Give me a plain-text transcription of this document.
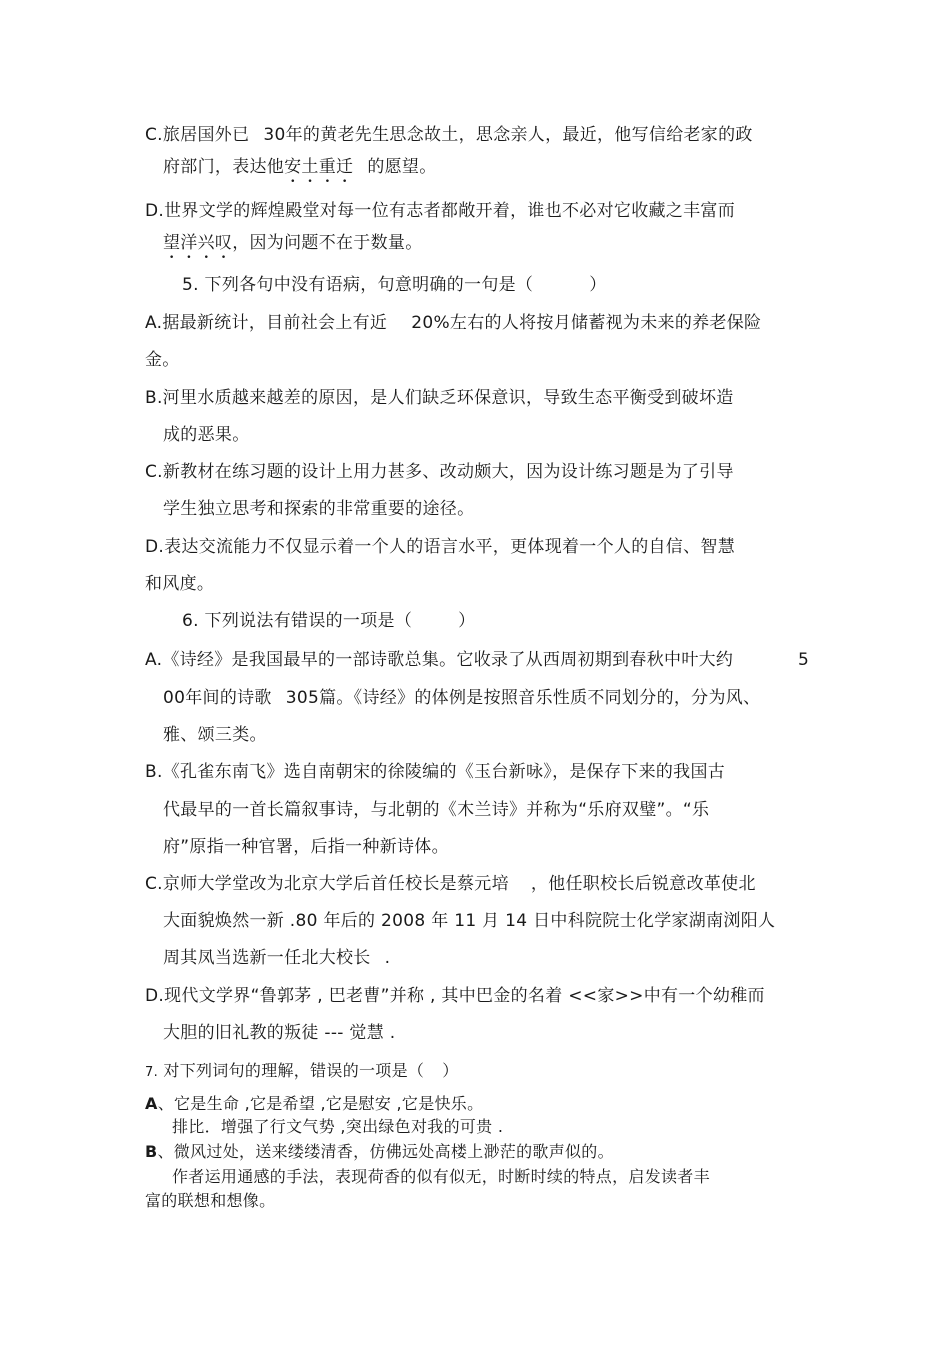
C.旅居国外已 30年的黄老先生思念故土，思念亲人，最近，他写信给老家的政
府部门，表达他安土重迁 的愿望。
D.世界文学的辉煌殿堂对每一位有志者都敞开着，谁也不必对它收藏之丰富而
望洋兴叹，因为问题不在于数量。
5. 下列各句中没有语病，句意明确的一句是（	）
A.据最新统计，目前社会上有近 20%左右的人将按月储蓄视为未来的养老保险
金。
B.河里水质越来越差的原因，是人们缺乏环保意识，导致生态平衡受到破坏造
成的恶果。
C.新教材在练习题的设计上用力甚多、改动颇大，因为设计练习题是为了引导
学生独立思考和探索的非常重要的途径。
D.表达交流能力不仅显示着一个人的语言水平，更体现着一个人的自信、智慧
和风度。
6. 下列说法有错误的一项是（	）
A.《诗经》是我国最早的一部诗歌总集。它收录了从西周初期到春秋中叶大约	5
00年间的诗歌 305篇。《诗经》的体例是按照音乐性质不同划分的，分为风、
雅、颂三类。
B.《孔雀东南飞》选自南朝宋的徐陵编的《玉台新咏》，是保存下来的我国古
代最早的一首长篇叙事诗，与北朝的《木兰诗》并称为“乐府双璧”。“乐
府”原指一种官署，后指一种新诗体。
C.京师大学堂改为北京大学后首任校长是蔡元培 ，他任职校长后锐意改革使北
大面貌焕然一新 .80 年后的 2008 年 11 月 14 日中科院院士化学家湖南浏阳人
周其凤当选新一任北大校长 .
D.现代文学界“鲁郭茅 , 巴老曹”并称 , 其中巴金的名着 <<家>>中有一个幼稚而
大胆的旧礼教的叛徒 --- 觉慧 .
7. 对下列词句的理解，错误的一项是（ ）
A、它是生命 ,它是希望 ,它是慰安 ,它是快乐。
排比．增强了行文气势 ,突出绿色对我的可贵 .
B、微风过处，送来缕缕清香，仿佛远处高楼上渺茫的歌声似的。
作者运用通感的手法，表现荷香的似有似无，时断时续的特点，启发读者丰
富的联想和想像。
